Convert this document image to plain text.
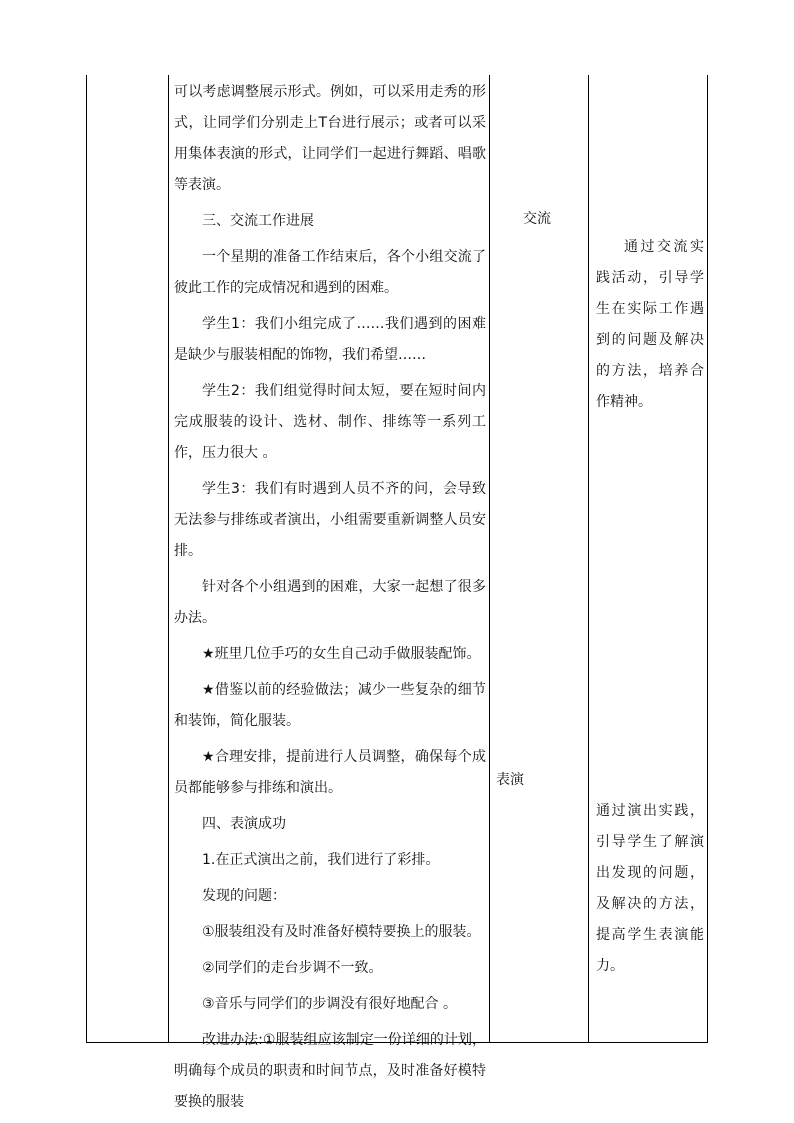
可以考虑调整展示形式。例如，可以采用走秀的形式，让同学们分别走上T台进行展示；或者可以采用集体表演的形式，让同学们一起进行舞蹈、唱歌等表演。

三、交流工作进展

一个星期的准备工作结束后，各个小组交流了彼此工作的完成情况和遇到的困难。

学生1：我们小组完成了……我们遇到的困难是缺少与服装相配的饰物，我们希望……

学生2：我们组觉得时间太短，要在短时间内完成服装的设计、选材、制作、排练等一系列工作，压力很大 。

学生3：我们有时遇到人员不齐的问，会导致无法参与排练或者演出，小组需要重新调整人员安排。

针对各个小组遇到的困难，大家一起想了很多办法。

★班里几位手巧的女生自己动手做服装配饰。

★借鉴以前的经验做法；减少一些复杂的细节和装饰，简化服装。

★合理安排，提前进行人员调整，确保每个成员都能够参与排练和演出。

四、表演成功

1.在正式演出之前，我们进行了彩排。

发现的问题：

①服装组没有及时准备好模特要换上的服装。

②同学们的走台步调不一致。

③音乐与同学们的步调没有很好地配合 。

改进办法:①服装组应该制定一份详细的计划，明确每个成员的职责和时间节点，及时准备好模特要换的服装

交流
表演
通过交流实践活动，引导学生在实际工作遇到的问题及解决的方法，培养合作精神。
通过演出实践，引导学生了解演出发现的问题，及解决的方法，提高学生表演能力。
